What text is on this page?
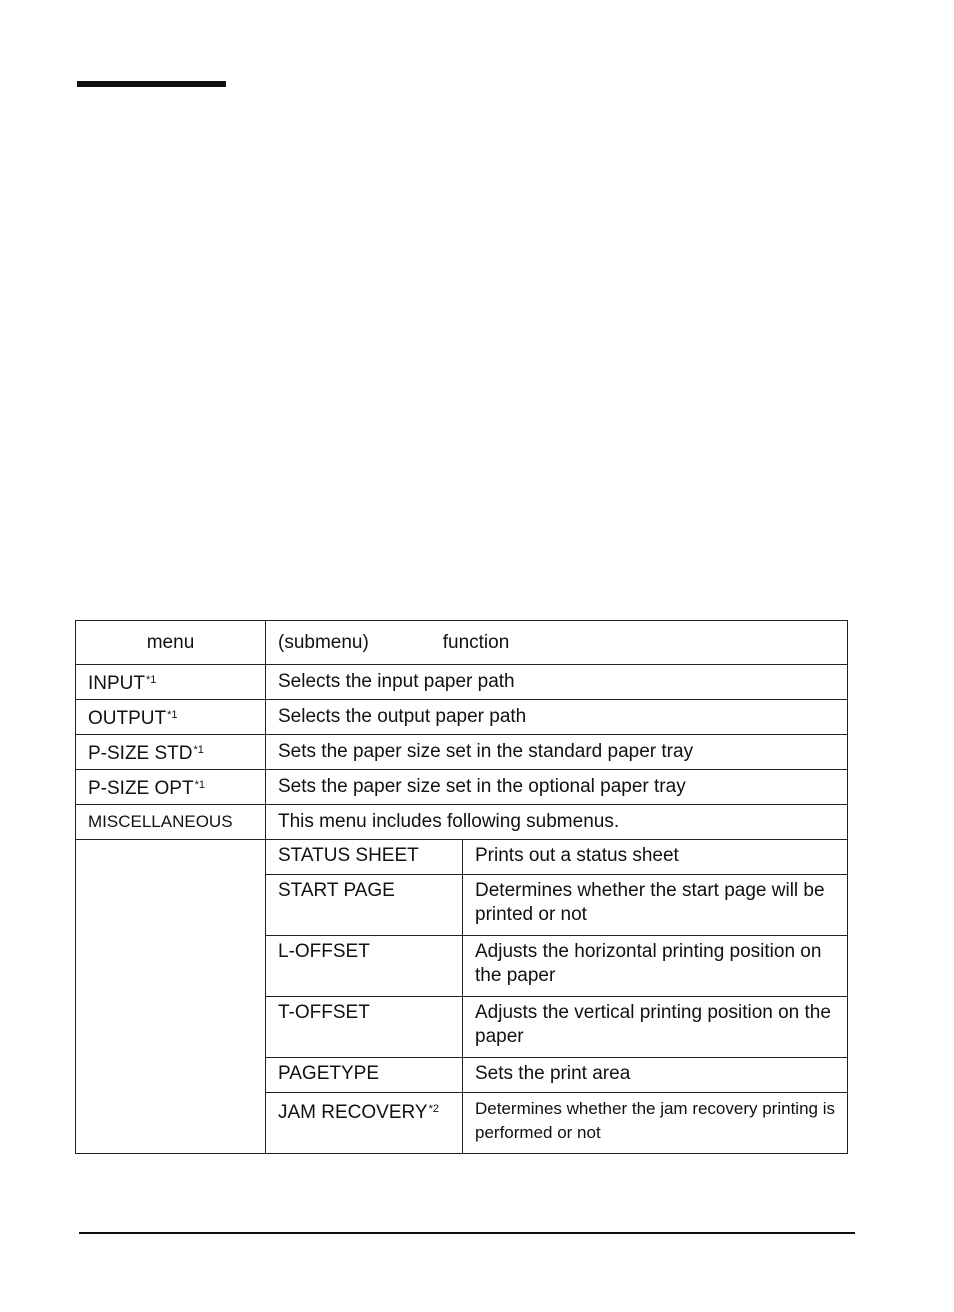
menu	(submenu)              function	
INPUT$^{*1}$	Selects the input paper path	
OUTPUT$^{*1}$	Selects the output paper path	
P-SIZE STD$^{*1}$	Sets the paper size set in the standard paper tray	
P-SIZE OPT$^{*1}$	Sets the paper size set in the optional paper tray	
MISCELLANEOUS	This menu includes following submenus.	
	STATUS SHEET	Prints out a status sheet
	START PAGE	Determines whether the start page will be printed or not
	L-OFFSET	Adjusts the horizontal printing position on the paper
	T-OFFSET	Adjusts the vertical printing position on the paper
	PAGETYPE	Sets the print area
	JAM RECOVERY$^{*2}$	Determines whether the jam recovery printing is performed or not
